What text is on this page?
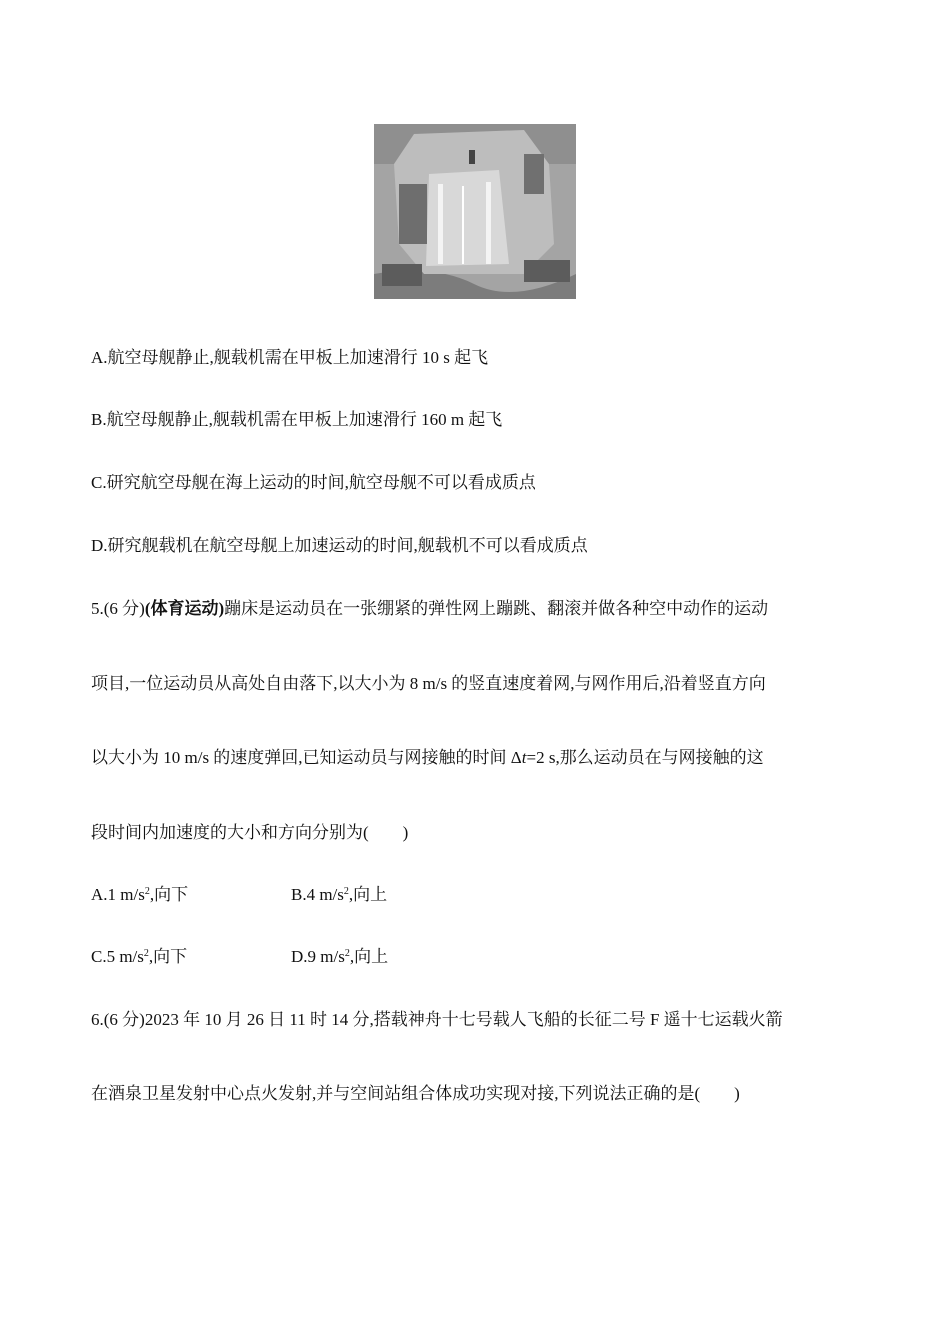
A.航空母舰静止,舰载机需在甲板上加速滑行 10 s 起飞
B.航空母舰静止,舰载机需在甲板上加速滑行 160 m 起飞
C.研究航空母舰在海上运动的时间,航空母舰不可以看成质点
D.研究舰载机在航空母舰上加速运动的时间,舰载机不可以看成质点
5.(6 分)(体育运动)蹦床是运动员在一张绷紧的弹性网上蹦跳、翻滚并做各种空中动作的运动
项目,一位运动员从高处自由落下,以大小为 8 m/s 的竖直速度着网,与网作用后,沿着竖直方向
以大小为 10 m/s 的速度弹回,已知运动员与网接触的时间 Δt=2 s,那么运动员在与网接触的这
段时间内加速度的大小和方向分别为(　　)
A.1 $m/s^2$,向下	B.4 $m/s^2$,向上
C.5 $m/s^2$,向下	D.9 $m/s^2$,向上
6.(6 分)2023 年 10 月 26 日 11 时 14 分,搭载神舟十七号载人飞船的长征二号 F 遥十七运载火箭
在酒泉卫星发射中心点火发射,并与空间站组合体成功实现对接,下列说法正确的是(　　)
